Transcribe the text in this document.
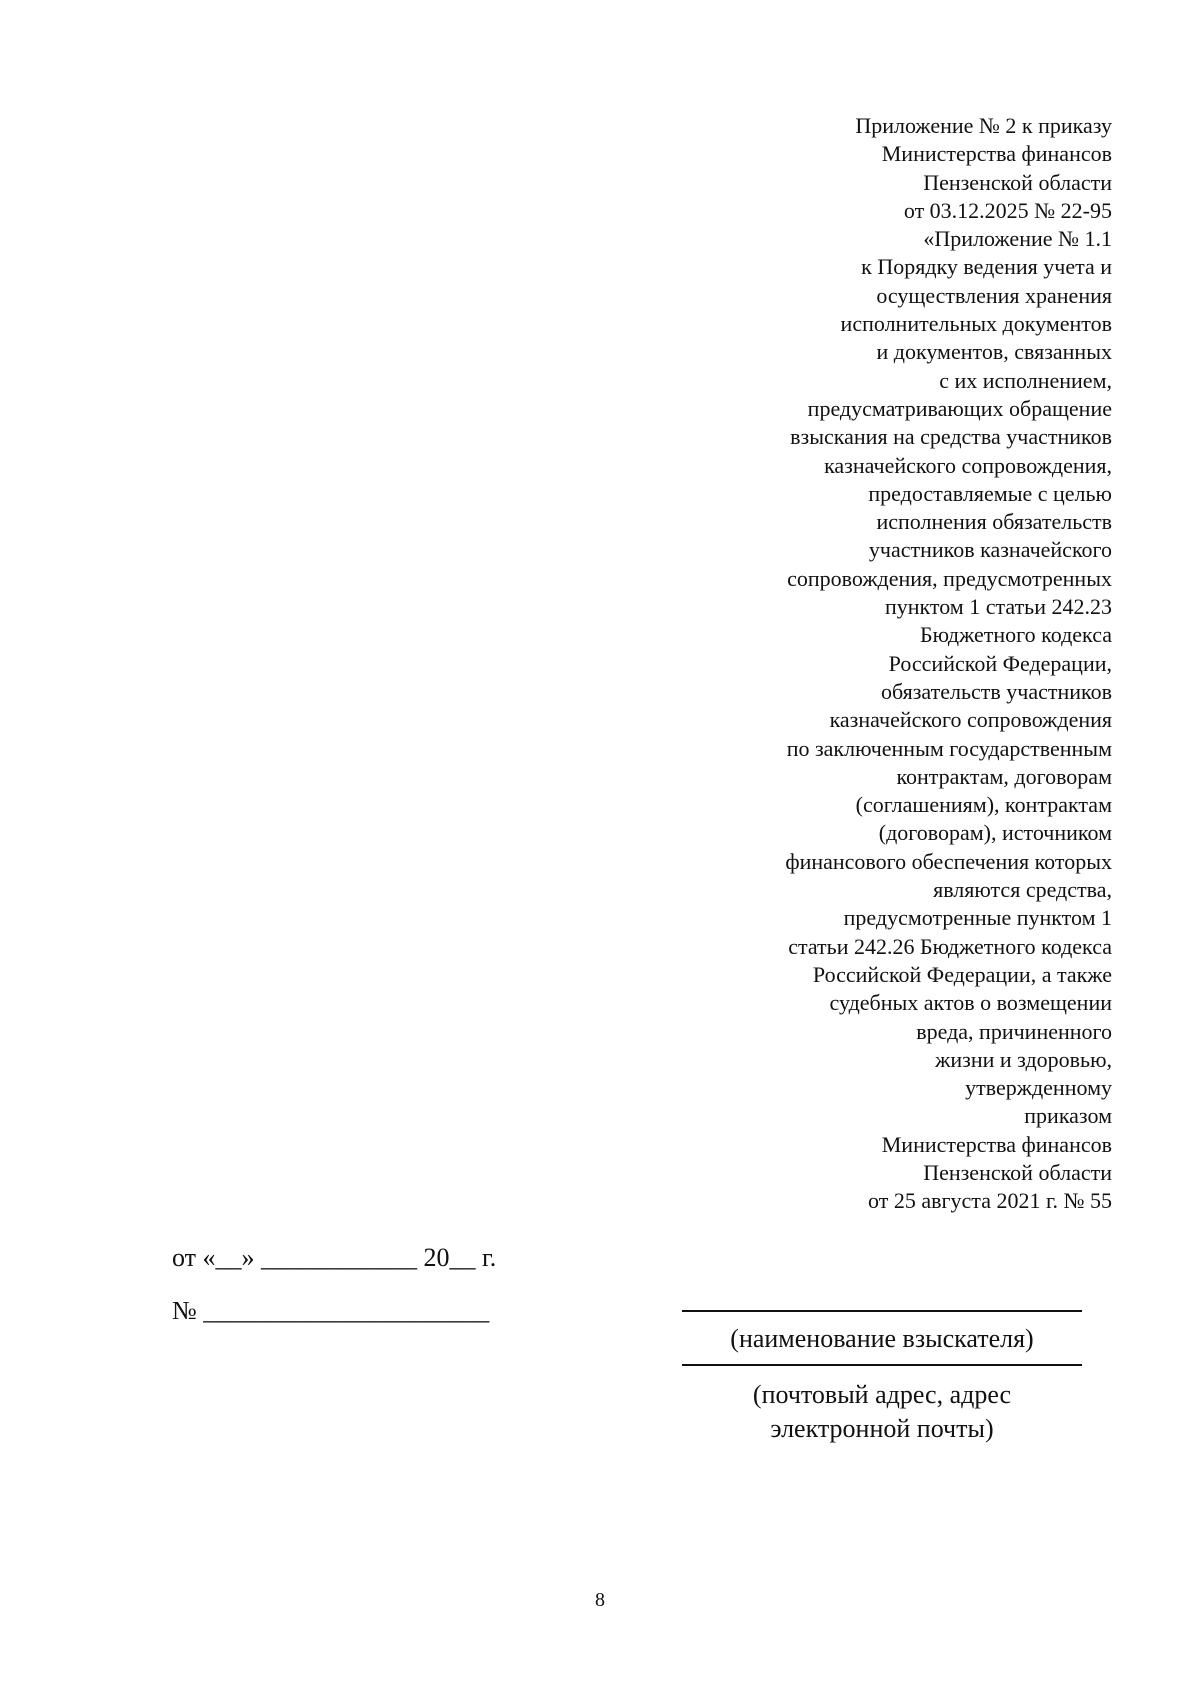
Приложение № 2 к приказу
Министерства финансов
Пензенской области
от 03.12.2025 № 22-95
«Приложение № 1.1
к Порядку ведения учета и
осуществления хранения
исполнительных документов
и документов, связанных
с их исполнением,
предусматривающих обращение
взыскания на средства участников
казначейского сопровождения,
предоставляемые с целью
исполнения обязательств
участников казначейского
сопровождения, предусмотренных
пунктом 1 статьи 242.23
Бюджетного кодекса
Российской Федерации,
обязательств участников
казначейского сопровождения
по заключенным государственным
контрактам, договорам
(соглашениям), контрактам
(договорам), источником
финансового обеспечения которых
являются средства,
предусмотренные пунктом 1
статьи 242.26 Бюджетного кодекса
Российской Федерации, а также
судебных актов о возмещении
вреда, причиненного
жизни и здоровью,
утвержденному
приказом
Министерства финансов
Пензенской области
от 25 августа 2021 г. № 55
от «__» ____________ 20__ г.
№ ______________________
(наименование взыскателя)
(почтовый адрес, адрес
электронной почты)
8
